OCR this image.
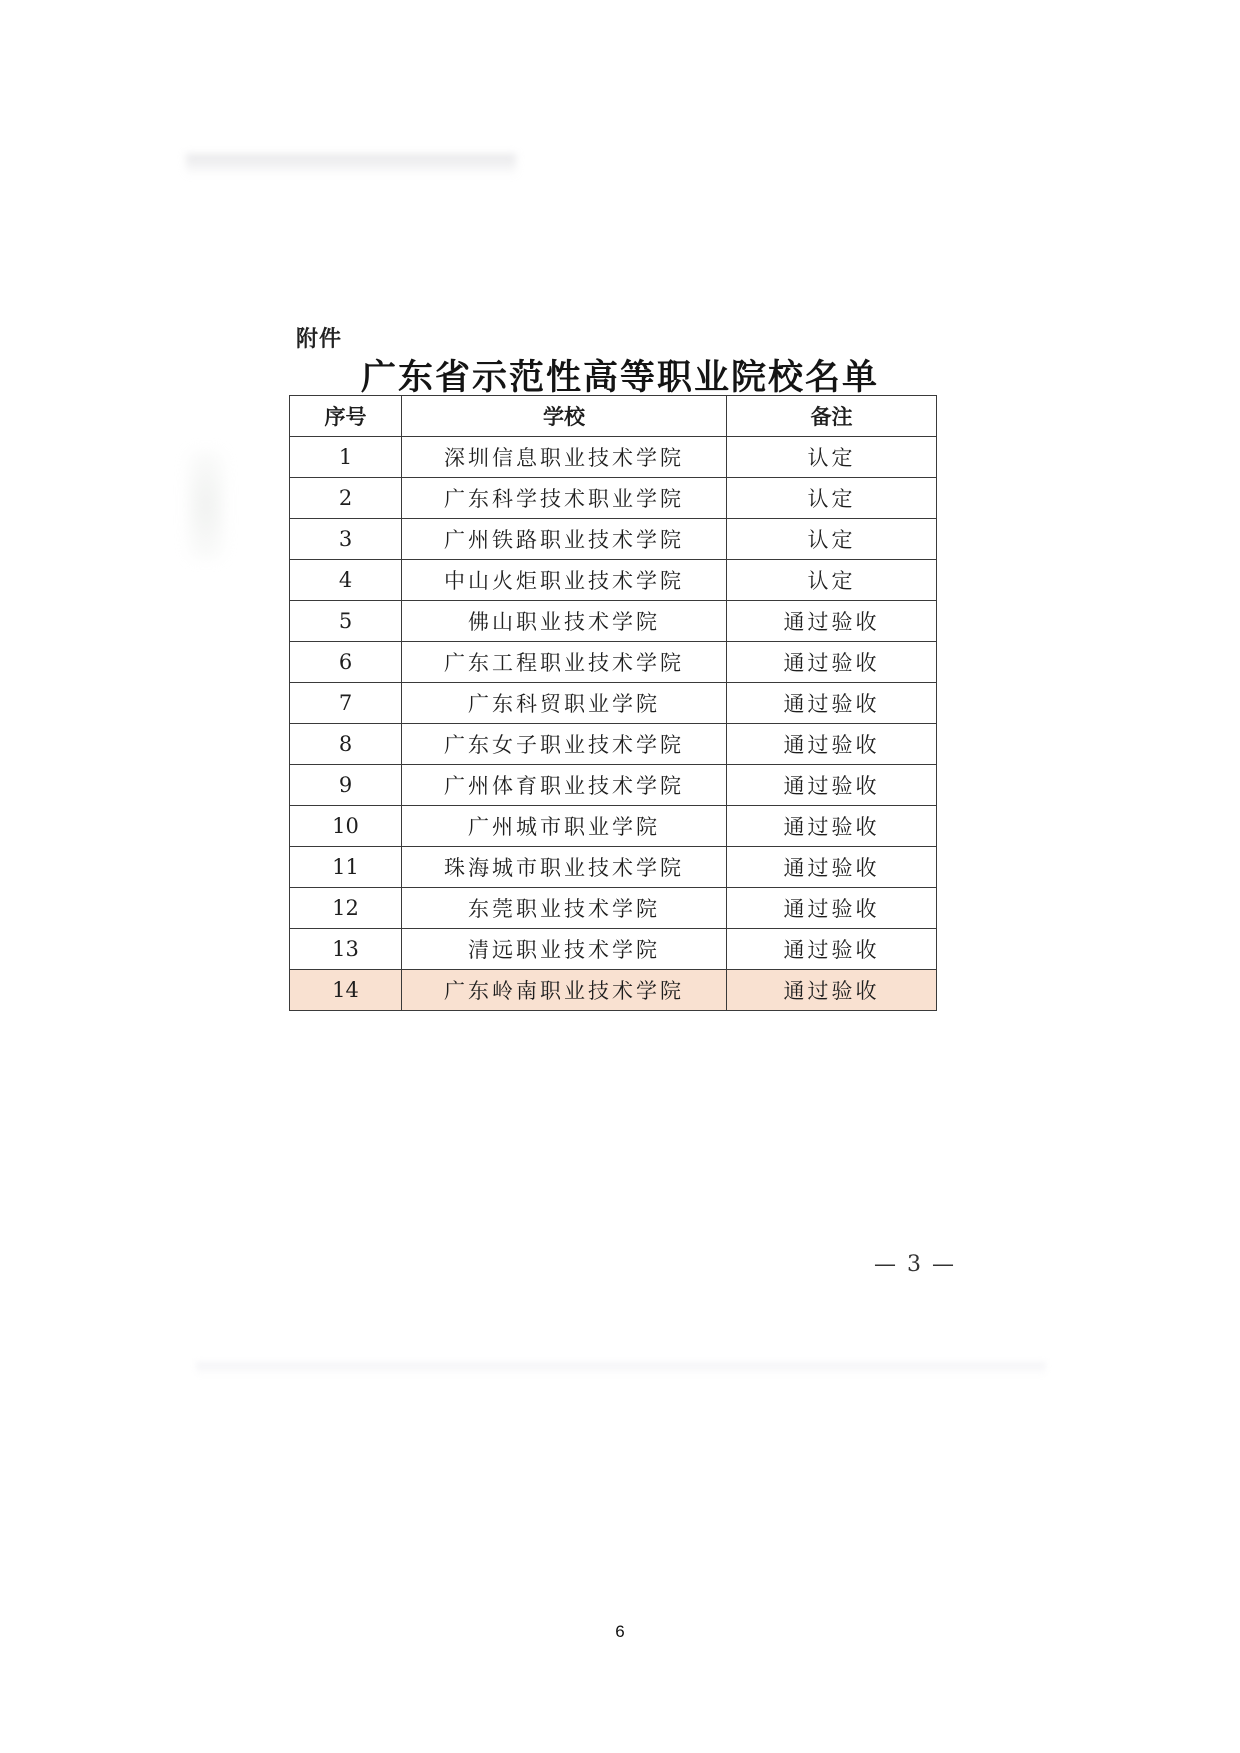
附件
广东省示范性高等职业院校名单
序号	学校	备注
1	深圳信息职业技术学院	认定
2	广东科学技术职业学院	认定
3	广州铁路职业技术学院	认定
4	中山火炬职业技术学院	认定
5	佛山职业技术学院	通过验收
6	广东工程职业技术学院	通过验收
7	广东科贸职业学院	通过验收
8	广东女子职业技术学院	通过验收
9	广州体育职业技术学院	通过验收
10	广州城市职业学院	通过验收
11	珠海城市职业技术学院	通过验收
12	东莞职业技术学院	通过验收
13	清远职业技术学院	通过验收
14	广东岭南职业技术学院	通过验收
— 3 —
6
